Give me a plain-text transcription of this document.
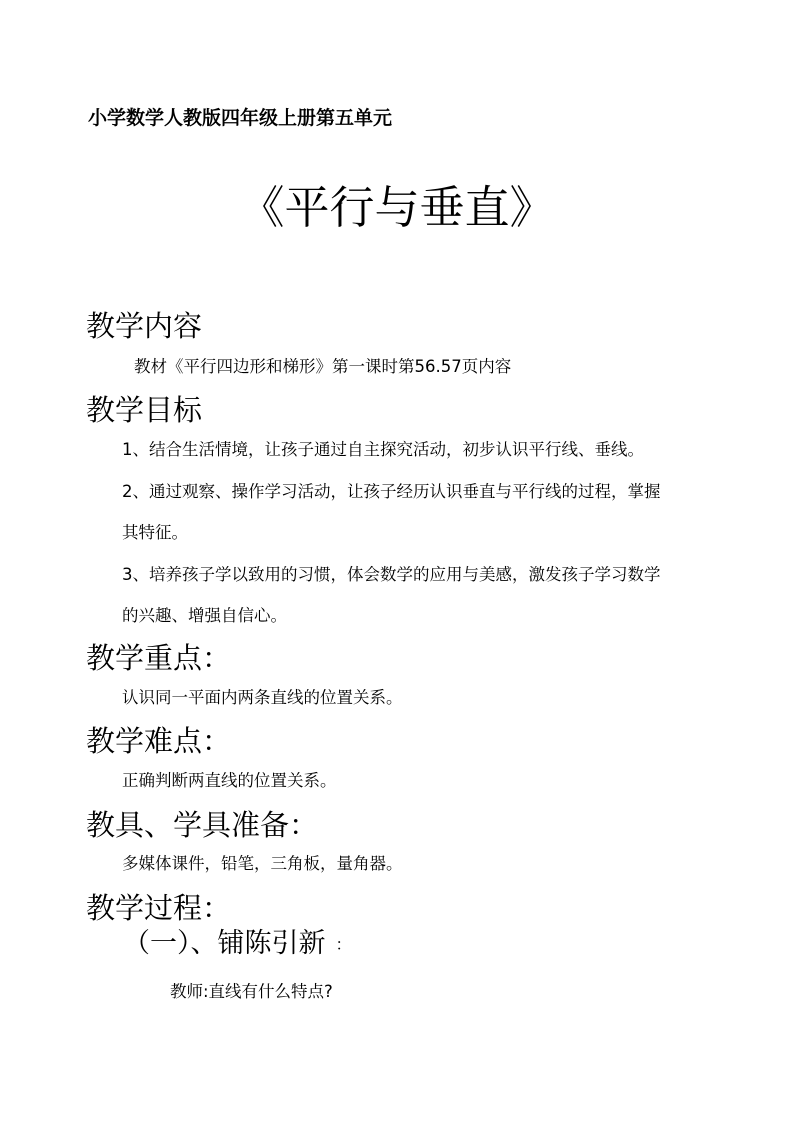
小学数学人教版四年级上册第五单元
《平行与垂直》
教学内容
教材《平行四边形和梯形》第一课时第56.57页内容
教学目标
1、结合生活情境，让孩子通过自主探究活动，初步认识平行线、垂线。
2、通过观察、操作学习活动，让孩子经历认识垂直与平行线的过程，掌握
其特征。
3、培养孩子学以致用的习惯，体会数学的应用与美感，激发孩子学习数学
的兴趣、增强自信心。
教学重点：
认识同一平面内两条直线的位置关系。
教学难点：
正确判断两直线的位置关系。
教具、学具准备：
多媒体课件，铅笔，三角板，量角器。
教学过程：
（一）、铺陈引新 ：
教师:直线有什么特点?
